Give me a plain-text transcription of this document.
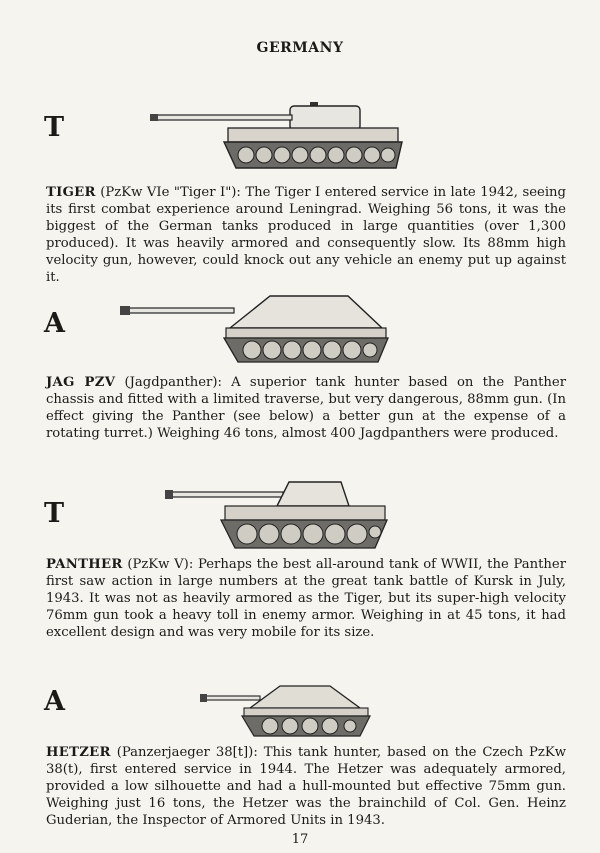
GERMANY
T

TIGER (PzKw VIe "Tiger I"): The Tiger I entered service in late 1942, seeing its first combat experience around Leningrad. Weighing 56 tons, it was the biggest of the German tanks produced in large quantities (over 1,300 produced). It was heavily armored and consequently slow. Its 88mm high velocity gun, however, could knock out any vehicle an enemy put up against it.

A

JAG PZV (Jagdpanther): A superior tank hunter based on the Panther chassis and fitted with a limited traverse, but very dangerous, 88mm gun. (In effect giving the Panther (see below) a better gun at the expense of a rotating turret.) Weighing 46 tons, almost 400 Jagdpanthers were produced.

T

PANTHER (PzKw V): Perhaps the best all-around tank of WWII, the Panther first saw action in large numbers at the great tank battle of Kursk in July, 1943. It was not as heavily armored as the Tiger, but its super-high velocity 76mm gun took a heavy toll in enemy armor. Weighing in at 45 tons, it had excellent design and was very mobile for its size.

A

HETZER (Panzerjaeger 38[t]): This tank hunter, based on the Czech PzKw 38(t), first entered service in 1944. The Hetzer was adequately armored, provided a low silhouette and had a hull-mounted but effective 75mm gun. Weighing just 16 tons, the Hetzer was the brainchild of Col. Gen. Heinz Guderian, the Inspector of Armored Units in 1943.

17
